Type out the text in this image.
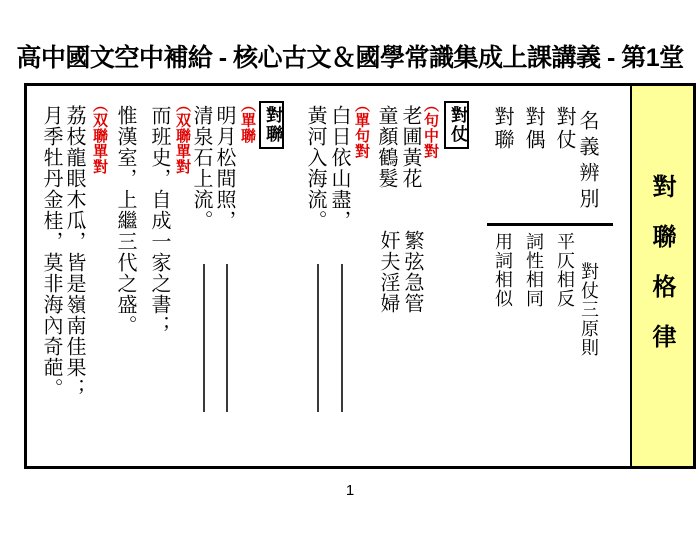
高中國文空中補給 - 核心古文＆國學常識集成上課講義 - 第1堂
對聯格律
名義辨別
對仗
對偶
對聯
對仗三原則
平仄相反
詞性相同
用詞相似
對仗
︵句中對
老圃黃花
童顏鶴髮
繁弦急管
奸夫淫婦
︵單句對
白日依山盡，
黃河入海流。
對聯
︵單聯
明月松間照，
清泉石上流。
︵双聯單對
而班史，自成一家之書；
惟漢室，上繼三代之盛。
︵双聯單對
荔枝龍眼木瓜，皆是嶺南佳果；
月季牡丹金桂，莫非海內奇葩。
1
